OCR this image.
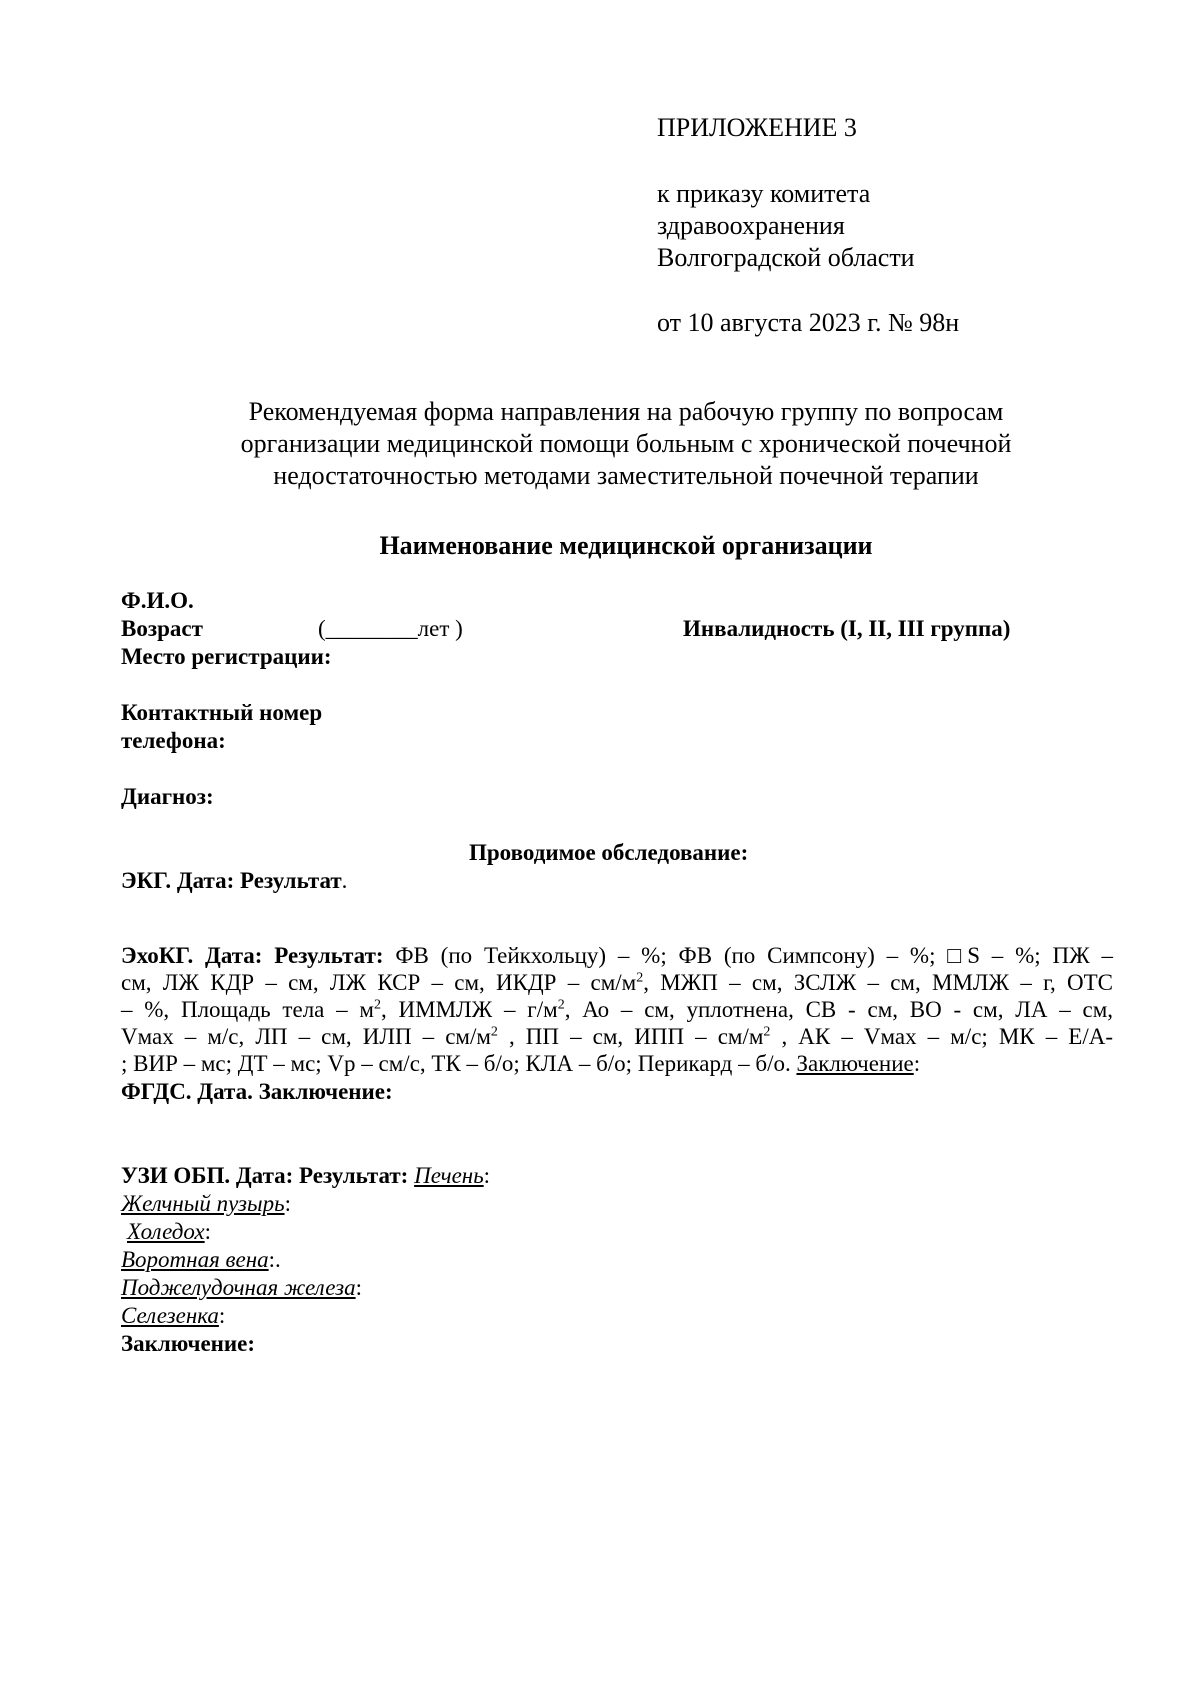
ПРИЛОЖЕНИЕ 3
к приказу комитета
здравоохранения
Волгоградской области
от 10 августа 2023 г. № 98н
Рекомендуемая форма направления на рабочую группу по вопросам
организации медицинской помощи больным с хронической почечной
недостаточностью методами заместительной почечной терапии
Наименование медицинской организации
Ф.И.О.
Возраст	(________лет )	Инвалидность (I, II, III группа)
Место регистрации:
Контактный номер
телефона:
Диагноз:
Проводимое обследование:
ЭКГ. Дата: Результат.
ЭхоКГ. Дата: Результат: ФВ (по Тейкхольцу) – %; ФВ (по Симпсону) – %; □S – %; ПЖ –
см, ЛЖ КДР – см, ЛЖ КСР – см, ИКДР – $см/м^2$, МЖП – см, ЗСЛЖ – см, ММЛЖ – г, ОТС
– %, Площадь тела – $м^2$, ИММЛЖ – $г/м^2$, Ао – см, уплотнена, СВ - см, ВО - см, ЛА – см,
Vмах – м/с, ЛП – см, ИЛП – $см/м^2$ , ПП – см, ИПП – $см/м^2$ , АК – Vмах – м/с; МК – Е/А-
; ВИР – мс; ДТ – мс; Vp – см/с, ТК – б/о; КЛА – б/о; Перикард – б/о. Заключение:
ФГДС. Дата. Заключение:
УЗИ ОБП. Дата: Результат: Печень:
Желчный пузырь:
Холедох:
Воротная вена:.
Поджелудочная железа:
Селезенка:
Заключение:
